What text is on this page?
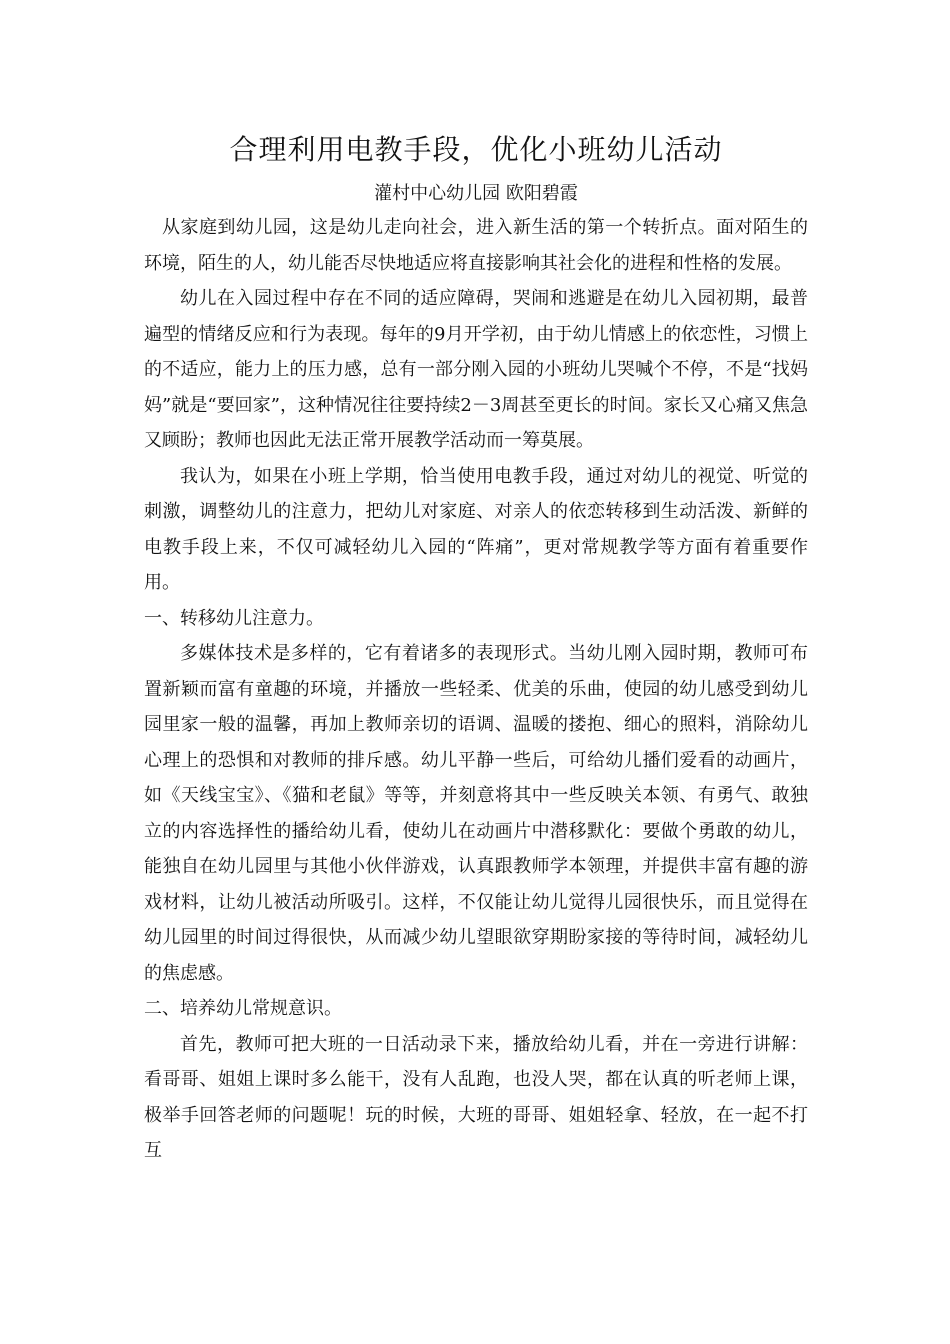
合理利用电教手段，优化小班幼儿活动

灌村中心幼儿园 欧阳碧霞

从家庭到幼儿园，这是幼儿走向社会，进入新生活的第一个转折点。面对陌生的环境，陌生的人，幼儿能否尽快地适应将直接影响其社会化的进程和性格的发展。

幼儿在入园过程中存在不同的适应障碍，哭闹和逃避是在幼儿入园初期，最普遍型的情绪反应和行为表现。每年的9月开学初，由于幼儿情感上的依恋性，习惯上的不适应，能力上的压力感，总有一部分刚入园的小班幼儿哭喊个不停，不是“找妈妈”就是“要回家”，这种情况往往要持续2－3周甚至更长的时间。家长又心痛又焦急又顾盼；教师也因此无法正常开展教学活动而一筹莫展。

我认为，如果在小班上学期，恰当使用电教手段，通过对幼儿的视觉、听觉的刺激，调整幼儿的注意力，把幼儿对家庭、对亲人的依恋转移到生动活泼、新鲜的电教手段上来，不仅可减轻幼儿入园的“阵痛”，更对常规教学等方面有着重要作用。

一、转移幼儿注意力。

多媒体技术是多样的，它有着诸多的表现形式。当幼儿刚入园时期，教师可布置新颖而富有童趣的环境，并播放一些轻柔、优美的乐曲，使园的幼儿感受到幼儿园里家一般的温馨，再加上教师亲切的语调、温暖的搂抱、细心的照料，消除幼儿心理上的恐惧和对教师的排斥感。幼儿平静一些后，可给幼儿播们爱看的动画片，如《天线宝宝》、《猫和老鼠》等等，并刻意将其中一些反映关本领、有勇气、敢独立的内容选择性的播给幼儿看，使幼儿在动画片中潜移默化：要做个勇敢的幼儿，能独自在幼儿园里与其他小伙伴游戏，认真跟教师学本领理，并提供丰富有趣的游戏材料，让幼儿被活动所吸引。这样，不仅能让幼儿觉得儿园很快乐，而且觉得在幼儿园里的时间过得很快，从而减少幼儿望眼欲穿期盼家接的等待时间，减轻幼儿的焦虑感。

二、培养幼儿常规意识。

首先，教师可把大班的一日活动录下来，播放给幼儿看，并在一旁进行讲解：看哥哥、姐姐上课时多么能干，没有人乱跑，也没人哭，都在认真的听老师上课，极举手回答老师的问题呢！玩的时候，大班的哥哥、姐姐轻拿、轻放，在一起不打互
